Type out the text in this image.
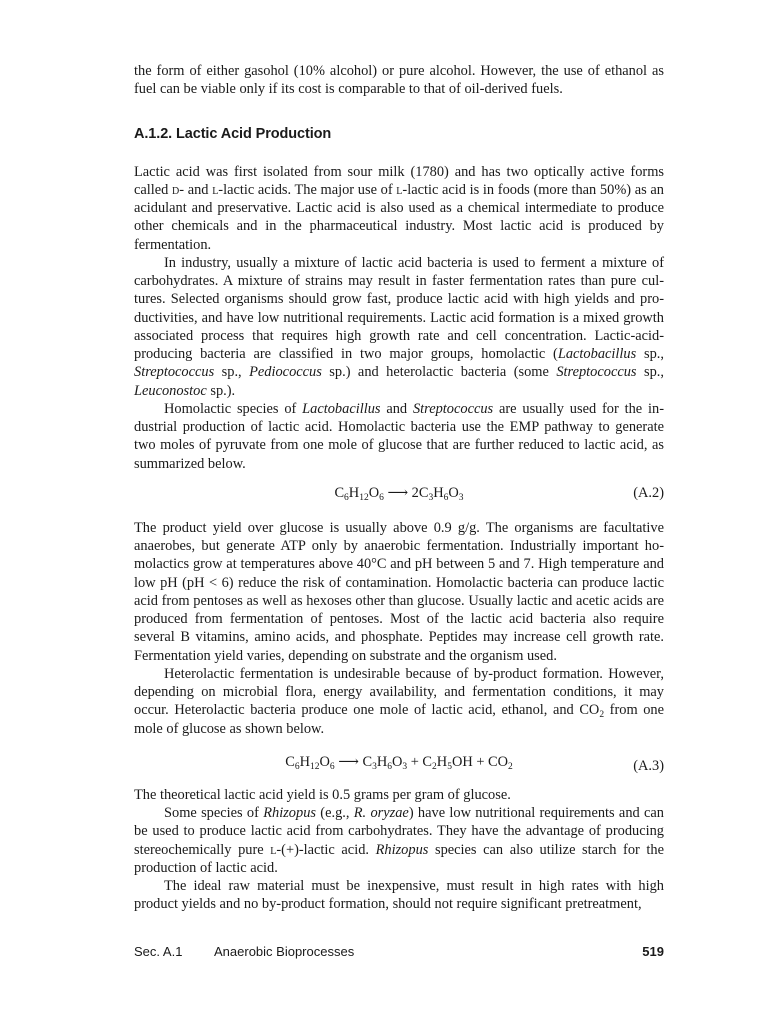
the form of either gasohol (10% alcohol) or pure alcohol. However, the use of ethanol as fuel can be viable only if its cost is comparable to that of oil-derived fuels.

A.1.2. Lactic Acid Production

Lactic acid was first isolated from sour milk (1780) and has two optically active forms called d- and l-lactic acids. The major use of l-lactic acid is in foods (more than 50%) as an acidulant and preservative. Lactic acid is also used as a chemical intermediate to produce other chemicals and in the pharmaceutical industry. Most lactic acid is produced by fermentation.

In industry, usually a mixture of lactic acid bacteria is used to ferment a mixture of carbohydrates. A mixture of strains may result in faster fermentation rates than pure cultures. Selected organisms should grow fast, produce lactic acid with high yields and productivities, and have low nutritional requirements. Lactic acid formation is a mixed growth associated process that requires high growth rate and cell concentration. Lactic-acid-producing bacteria are classified in two major groups, homolactic (Lactobacillus sp., Streptococcus sp., Pediococcus sp.) and heterolactic bacteria (some Streptococcus sp., Leuconostoc sp.).

Homolactic species of Lactobacillus and Streptococcus are usually used for the industrial production of lactic acid. Homolactic bacteria use the EMP pathway to generate two moles of pyruvate from one mole of glucose that are further reduced to lactic acid, as summarized below.

$C_6H_{12}O_6$ ⟶ $2C_3H_6O_3$	(A.2)

The product yield over glucose is usually above 0.9 g/g. The organisms are facultative anaerobes, but generate ATP only by anaerobic fermentation. Industrially important homolactics grow at temperatures above 40°C and pH between 5 and 7. High temperature and low pH (pH < 6) reduce the risk of contamination. Homolactic bacteria can produce lactic acid from pentoses as well as hexoses other than glucose. Usually lactic and acetic acids are produced from fermentation of pentoses. Most of the lactic acid bacteria also require several B vitamins, amino acids, and phosphate. Peptides may increase cell growth rate. Fermentation yield varies, depending on substrate and the organism used.

Heterolactic fermentation is undesirable because of by-product formation. However, depending on microbial flora, energy availability, and fermentation conditions, it may occur. Heterolactic bacteria produce one mole of lactic acid, ethanol, and $CO_2$ from one mole of glucose as shown below.

$C_6H_{12}O_6$ ⟶ $C_3H_6O_3 + C_2H_5OH + CO_2$	(A.3)

The theoretical lactic acid yield is 0.5 grams per gram of glucose.

Some species of Rhizopus (e.g., R. oryzae) have low nutritional requirements and can be used to produce lactic acid from carbohydrates. They have the advantage of producing stereochemically pure l-(+)-lactic acid. Rhizopus species can also utilize starch for the production of lactic acid.

The ideal raw material must be inexpensive, must result in high rates with high product yields and no by-product formation, should not require significant pretreatment,

Sec. A.1 Anaerobic Bioprocesses	519
